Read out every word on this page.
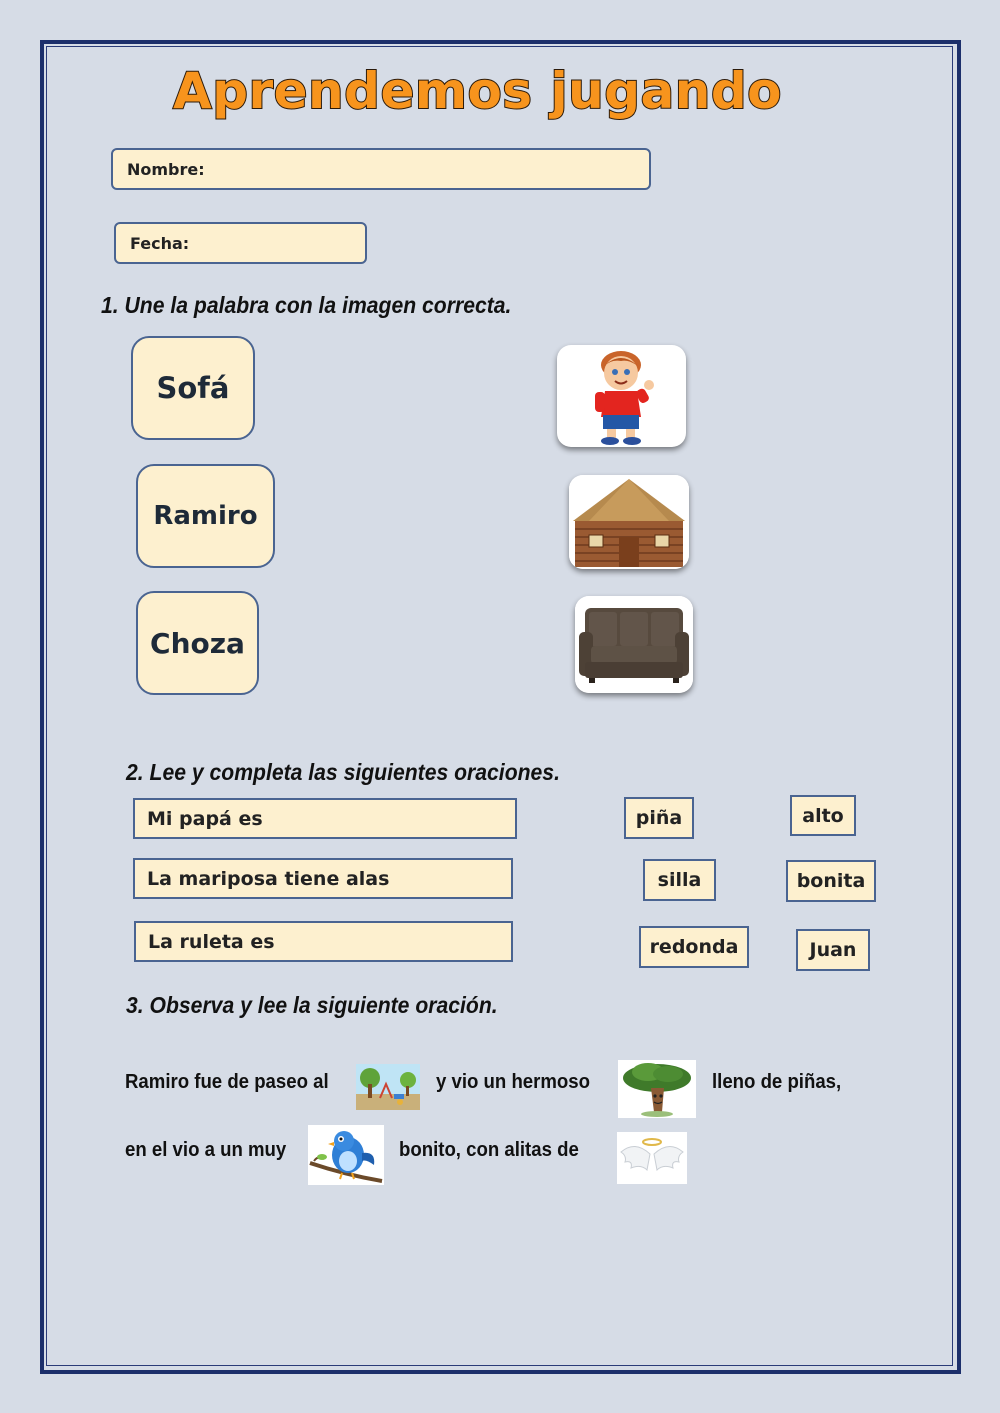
Aprendemos jugando
Nombre:
Fecha:
1. Une la palabra con la imagen correcta.
Sofá
Ramiro
Choza
2. Lee y completa las siguientes oraciones.
Mi papá es
La mariposa tiene alas
La ruleta es
piña	alto
silla	bonita
redonda	Juan
3. Observa y lee la siguiente oración.
Ramiro fue de paseo al	y vio un hermoso	lleno de piñas,
en el vio a un muy	bonito, con alitas de
